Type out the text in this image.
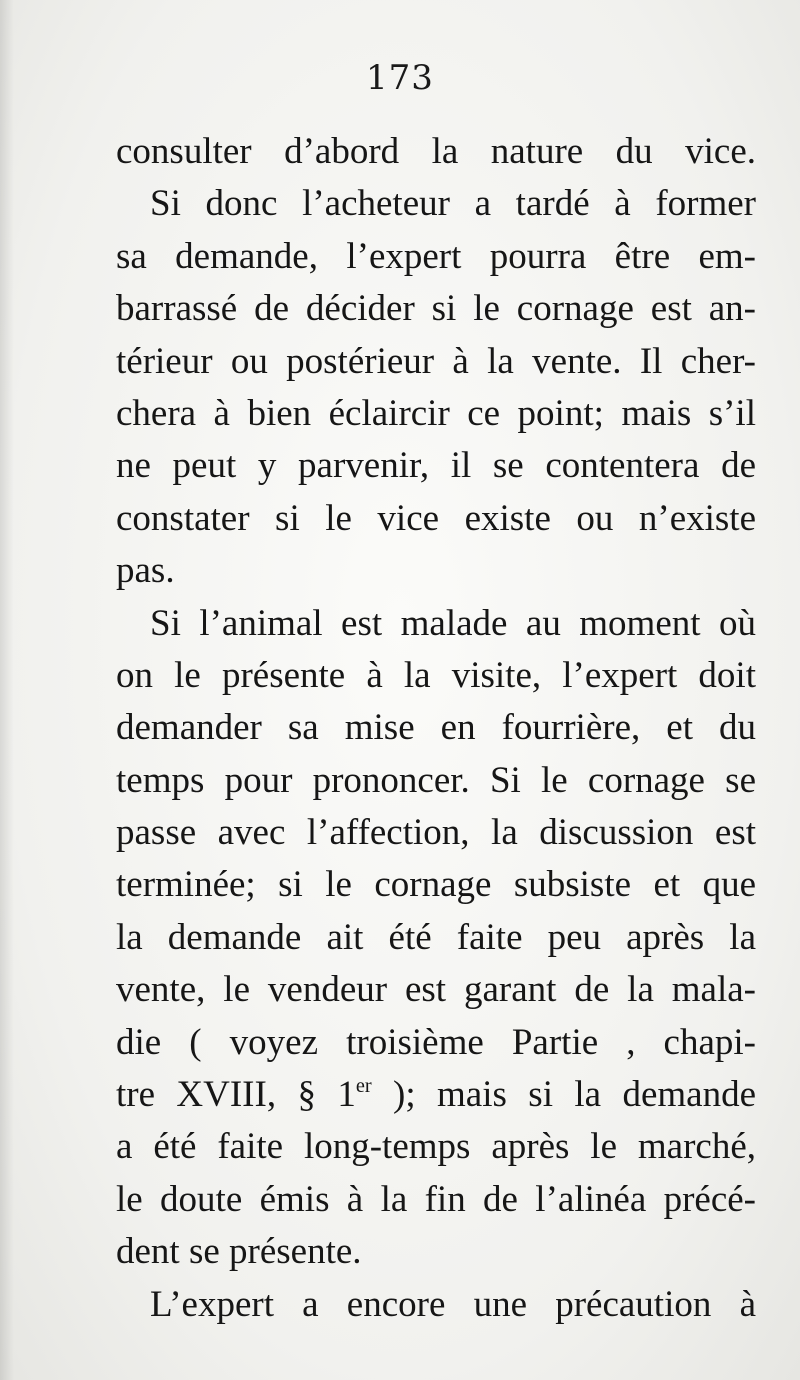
173
consulter d’abord la nature du vice.
Si donc l’acheteur a tardé à former
sa demande, l’expert pourra être em-
barrassé de décider si le cornage est an-
térieur ou postérieur à la vente. Il cher-
chera à bien éclaircir ce point; mais s’il
ne peut y parvenir, il se contentera de
constater si le vice existe ou n’existe
pas.
Si l’animal est malade au moment où
on le présente à la visite, l’expert doit
demander sa mise en fourrière, et du
temps pour prononcer. Si le cornage se
passe avec l’affection, la discussion est
terminée; si le cornage subsiste et que
la demande ait été faite peu après la
vente, le vendeur est garant de la mala-
die ( voyez troisième Partie , chapi-
tre XVIII, § 1er ); mais si la demande
a été faite long-temps après le marché,
le doute émis à la fin de l’alinéa précé-
dent se présente.
L’expert a encore une précaution à
